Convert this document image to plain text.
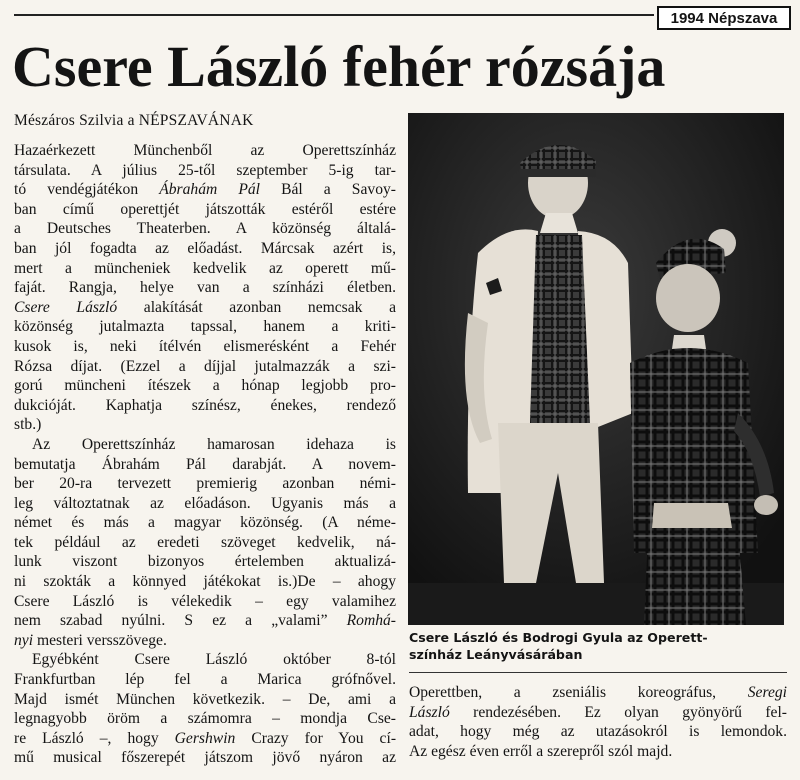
1994 Népszava
Csere László fehér rózsája
Mészáros Szilvia a NÉPSZAVÁNAK

Hazaérkezett Münchenből az Operettszínház
társulata. A július 25-től szeptember 5-ig tar-
tó vendégjátékon Ábrahám Pál Bál a Savoy-
ban című operettjét játszották estéről estére
a Deutsches Theaterben. A közönség általá-
ban jól fogadta az előadást. Márcsak azért is,
mert a müncheniek kedvelik az operett mű-
faját. Rangja, helye van a színházi életben.
Csere László alakítását azonban nemcsak a
közönség jutalmazta tapssal, hanem a kriti-
kusok is, neki ítélvén elismerésként a Fehér
Rózsa díjat. (Ezzel a díjjal jutalmazzák a szi-
gorú müncheni ítészek a hónap legjobb pro-
dukcióját. Kaphatja színész, énekes, rendező
stb.)

Az Operettszínház hamarosan idehaza is
bemutatja Ábrahám Pál darabját. A novem-
ber 20-ra tervezett premierig azonban némi-
leg változtatnak az előadáson. Ugyanis más a
német és más a magyar közönség. (A néme-
tek például az eredeti szöveget kedvelik, ná-
lunk viszont bizonyos értelemben aktualizá-
ni szokták a könnyed játékokat is.)De – ahogy
Csere László is vélekedik – egy valamihez
nem szabad nyúlni. S ez a „valami” Romhá-
nyi mesteri versszövege.

Egyébként Csere László október 8-tól
Frankfurtban lép fel a Marica grófnővel.
Majd ismét München következik. – De, ami a
legnagyobb öröm a számomra – mondja Cse-
re László –, hogy Gershwin Crazy for You cí-
mű musical főszerepét játszom jövő nyáron az

Csere László és Bodrogi Gyula az Operett-
színház Leányvásárában
Operettben, a zseniális koreográfus, Seregi
László rendezésében. Ez olyan gyönyörű fel-
adat, hogy még az utazásokról is lemondok.
Az egész éven erről a szerepről szól majd.
